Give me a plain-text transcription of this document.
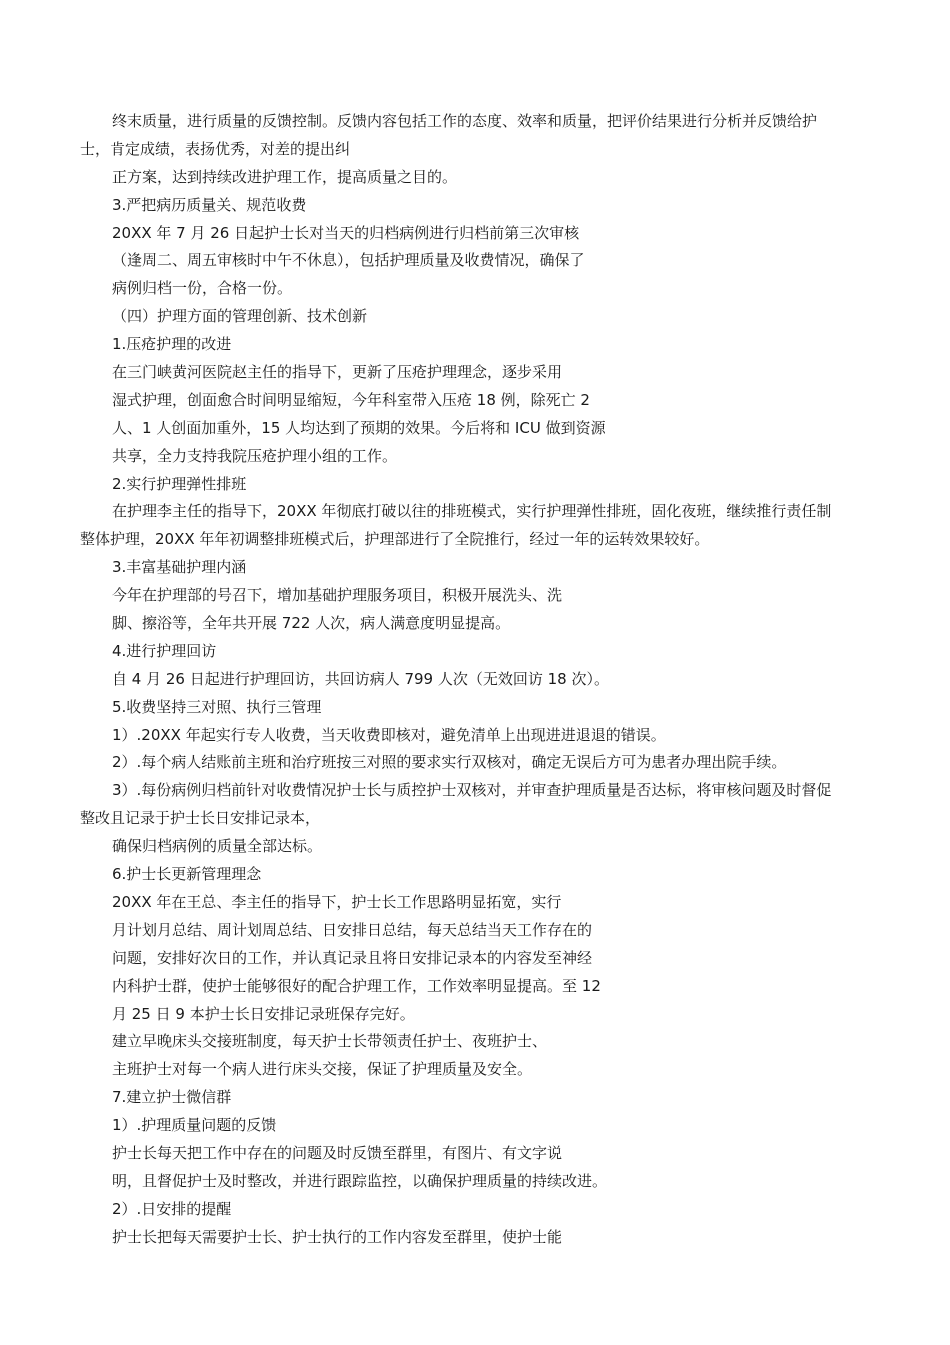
终末质量，进行质量的反馈控制。反馈内容包括工作的态度、效率和质量，把评价结果进行分析并反馈给护
士，肯定成绩，表扬优秀，对差的提出纠
正方案，达到持续改进护理工作，提高质量之目的。
3.严把病历质量关、规范收费
20XX 年 7 月 26 日起护士长对当天的归档病例进行归档前第三次审核
（逢周二、周五审核时中午不休息），包括护理质量及收费情况，确保了
病例归档一份，合格一份。
（四）护理方面的管理创新、技术创新
1.压疮护理的改进
在三门峡黄河医院赵主任的指导下，更新了压疮护理理念，逐步采用
湿式护理，创面愈合时间明显缩短，今年科室带入压疮 18 例，除死亡 2
人、1 人创面加重外，15 人均达到了预期的效果。今后将和 ICU 做到资源
共享，全力支持我院压疮护理小组的工作。
2.实行护理弹性排班
在护理李主任的指导下，20XX 年彻底打破以往的排班模式，实行护理弹性排班，固化夜班，继续推行责任制
整体护理，20XX 年年初调整排班模式后，护理部进行了全院推行，经过一年的运转效果较好。
3.丰富基础护理内涵
今年在护理部的号召下，增加基础护理服务项目，积极开展洗头、洗
脚、擦浴等，全年共开展 722 人次，病人满意度明显提高。
4.进行护理回访
自 4 月 26 日起进行护理回访，共回访病人 799 人次（无效回访 18 次）。
5.收费坚持三对照、执行三管理
1）.20XX 年起实行专人收费，当天收费即核对，避免清单上出现进进退退的错误。
2）.每个病人结账前主班和治疗班按三对照的要求实行双核对，确定无误后方可为患者办理出院手续。
3）.每份病例归档前针对收费情况护士长与质控护士双核对，并审查护理质量是否达标，将审核问题及时督促
整改且记录于护士长日安排记录本，
确保归档病例的质量全部达标。
6.护士长更新管理理念
20XX 年在王总、李主任的指导下，护士长工作思路明显拓宽，实行
月计划月总结、周计划周总结、日安排日总结，每天总结当天工作存在的
问题，安排好次日的工作，并认真记录且将日安排记录本的内容发至神经
内科护士群，使护士能够很好的配合护理工作，工作效率明显提高。至 12
月 25 日 9 本护士长日安排记录班保存完好。
建立早晚床头交接班制度，每天护士长带领责任护士、夜班护士、
主班护士对每一个病人进行床头交接，保证了护理质量及安全。
7.建立护士微信群
1）.护理质量问题的反馈
护士长每天把工作中存在的问题及时反馈至群里，有图片、有文字说
明，且督促护士及时整改，并进行跟踪监控，以确保护理质量的持续改进。
2）.日安排的提醒
护士长把每天需要护士长、护士执行的工作内容发至群里，使护士能
